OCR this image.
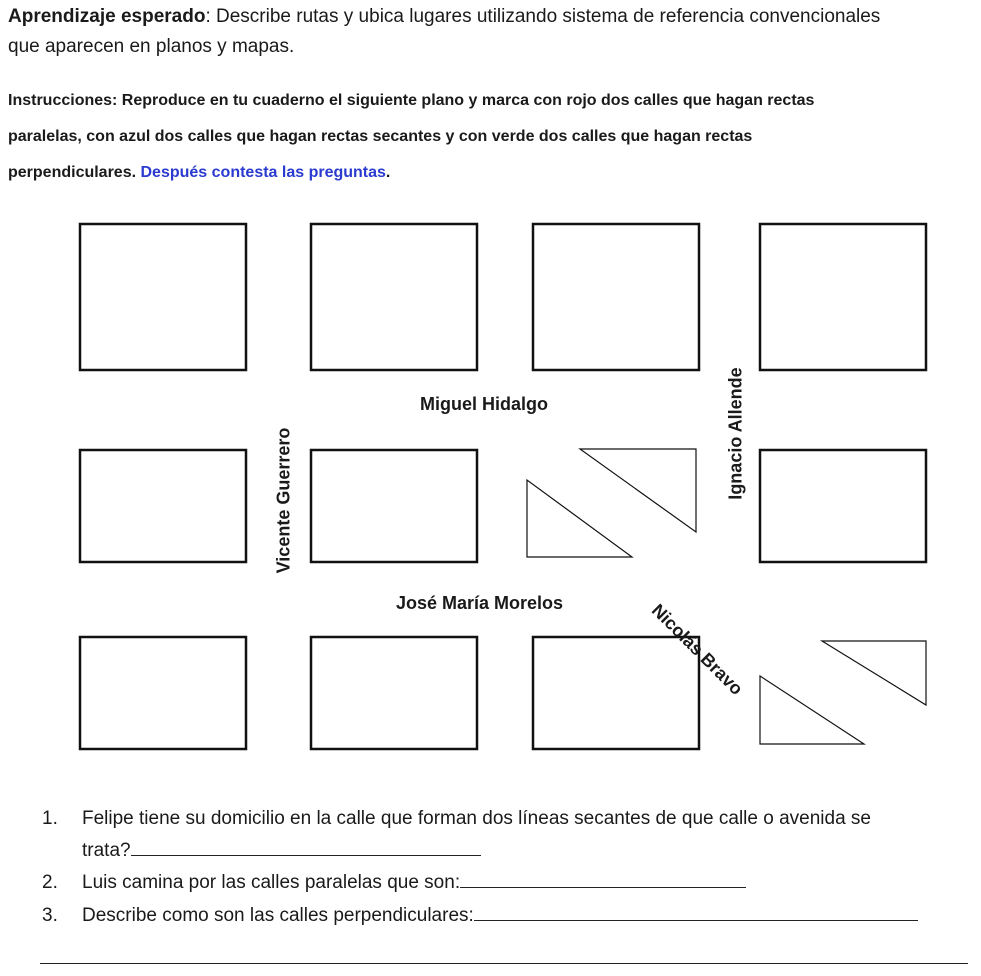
Aprendizaje esperado: Describe rutas y ubica lugares utilizando sistema de referencia convencionales
que aparecen en planos y mapas.
Instrucciones: Reproduce en tu cuaderno el siguiente plano y marca con rojo dos calles que hagan rectas
paralelas, con azul dos calles que hagan rectas secantes y con verde dos calles que hagan rectas
perpendiculares. Después contesta las preguntas.
Miguel Hidalgo
José María Morelos
Vicente Guerrero	Ignacio Allende
Nicolás Bravo
1. Felipe tiene su domicilio en la calle que forman dos líneas secantes de que calle o avenida se
trata?
2. Luis camina por las calles paralelas que son:
3. Describe como son las calles perpendiculares:
